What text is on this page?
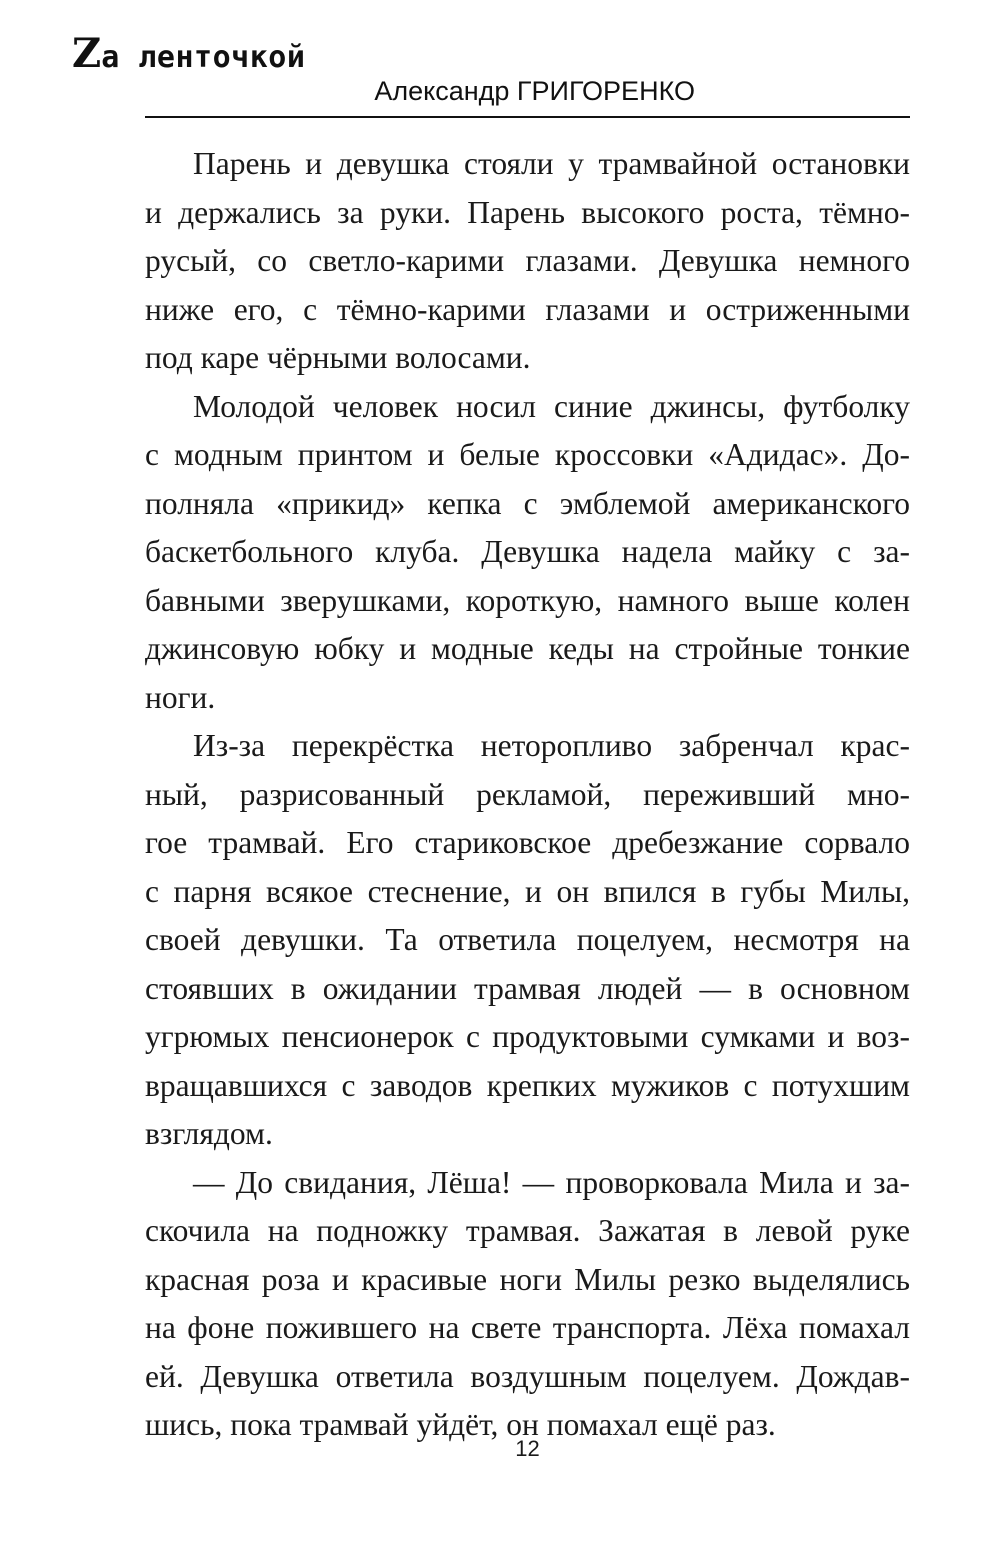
Zа ленточкой
Александр ГРИГОРЕНКО
Парень и девушка стояли у трамвайной остановки
и держались за руки. Парень высокого роста, тёмно-
русый, со светло-карими глазами. Девушка немного
ниже его, с тёмно-карими глазами и остриженными
под каре чёрными волосами.
Молодой человек носил синие джинсы, футболку
с модным принтом и белые кроссовки «Адидас». До-
полняла «прикид» кепка с эмблемой американского
баскетбольного клуба. Девушка надела майку с за-
бавными зверушками, короткую, намного выше колен
джинсовую юбку и модные кеды на стройные тонкие
ноги.
Из-за перекрёстка неторопливо забренчал крас-
ный, разрисованный рекламой, переживший мно-
гое трамвай. Его стариковское дребезжание сорвало
с парня всякое стеснение, и он впился в губы Милы,
своей девушки. Та ответила поцелуем, несмотря на
стоявших в ожидании трамвая людей — в основном
угрюмых пенсионерок с продуктовыми сумками и воз-
вращавшихся с заводов крепких мужиков с потухшим
взглядом.
— До свидания, Лёша! — проворковала Мила и за-
скочила на подножку трамвая. Зажатая в левой руке
красная роза и красивые ноги Милы резко выделялись
на фоне пожившего на свете транспорта. Лёха помахал
ей. Девушка ответила воздушным поцелуем. Дождав-
шись, пока трамвай уйдёт, он помахал ещё раз.
12
